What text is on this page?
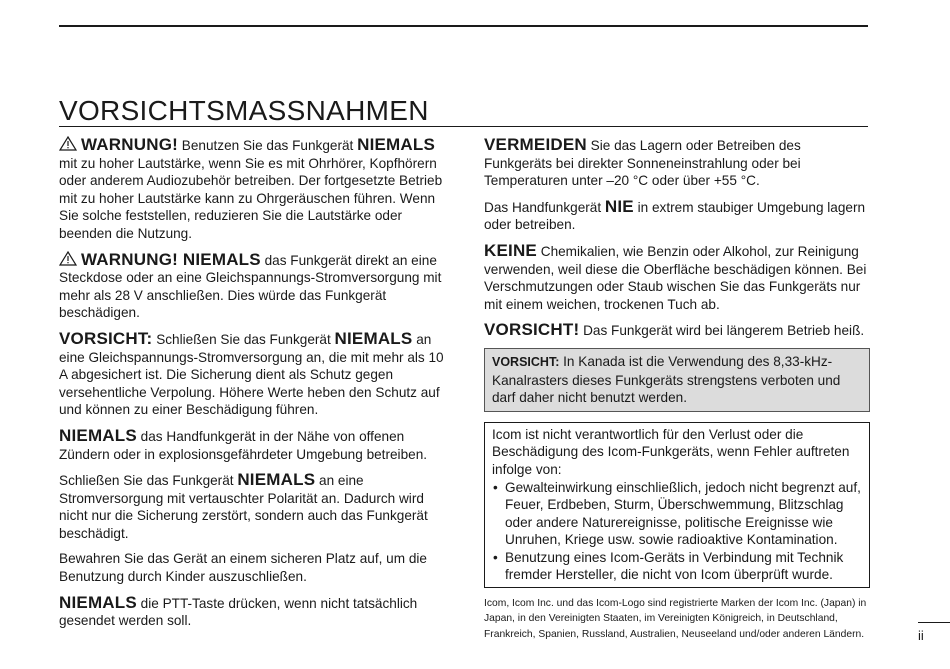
VORSICHTSMASSNAHMEN

WARNUNG! Benutzen Sie das Funkgerät NIEMALS mit zu hoher Lautstärke, wenn Sie es mit Ohrhörer, Kopfhörern oder anderem Audiozubehör betreiben. Der fortgesetzte Betrieb mit zu hoher Lautstärke kann zu Ohrgeräuschen führen. Wenn Sie solche feststellen, reduzieren Sie die Lautstärke oder beenden die Nutzung.

WARNUNG! NIEMALS das Funkgerät direkt an eine Steckdose oder an eine Gleichspannungs-Stromversorgung mit mehr als 28 V anschließen. Dies würde das Funkgerät beschädigen.

VORSICHT: Schließen Sie das Funkgerät NIEMALS an eine Gleichspannungs-Stromversorgung an, die mit mehr als 10 A abgesichert ist. Die Sicherung dient als Schutz gegen versehentliche Verpolung. Höhere Werte heben den Schutz auf und können zu einer Beschädigung führen.

NIEMALS das Handfunkgerät in der Nähe von offenen Zündern oder in explosionsgefährdeter Umgebung betreiben.

Schließen Sie das Funkgerät NIEMALS an eine Stromversorgung mit vertauschter Polarität an. Dadurch wird nicht nur die Sicherung zerstört, sondern auch das Funkgerät beschädigt.

Bewahren Sie das Gerät an einem sicheren Platz auf, um die Benutzung durch Kinder auszuschließen.

NIEMALS die PTT-Taste drücken, wenn nicht tatsächlich gesendet werden soll.

VERMEIDEN Sie das Lagern oder Betreiben des Funkgeräts bei direkter Sonneneinstrahlung oder bei Temperaturen unter –20 °C oder über +55 °C.

Das Handfunkgerät NIE in extrem staubiger Umgebung lagern oder betreiben.

KEINE Chemikalien, wie Benzin oder Alkohol, zur Reinigung verwenden, weil diese die Oberfläche beschädigen können. Bei Verschmutzungen oder Staub wischen Sie das Funkgeräts nur mit einem weichen, trockenen Tuch ab.

VORSICHT! Das Funkgerät wird bei längerem Betrieb heiß.

VORSICHT: In Kanada ist die Verwendung des 8,33-kHz-Kanalrasters dieses Funkgeräts strengstens verboten und darf daher nicht benutzt werden.

Icom ist nicht verantwortlich für den Verlust oder die Beschädigung des Icom-Funkgeräts, wenn Fehler auftreten infolge von:

• Gewalteinwirkung einschließlich, jedoch nicht begrenzt auf, Feuer, Erdbeben, Sturm, Überschwemmung, Blitzschlag oder andere Naturereignisse, politische Ereignisse wie Unruhen, Kriege usw. sowie radioaktive Kontamination.
• Benutzung eines Icom-Geräts in Verbindung mit Technik fremder Hersteller, die nicht von Icom überprüft wurde.

Icom, Icom Inc. und das Icom-Logo sind registrierte Marken der Icom Inc. (Japan) in Japan, in den Vereinigten Staaten, im Vereinigten Königreich, in Deutschland, Frankreich, Spanien, Russland, Australien, Neuseeland und/oder anderen Ländern.	ii
